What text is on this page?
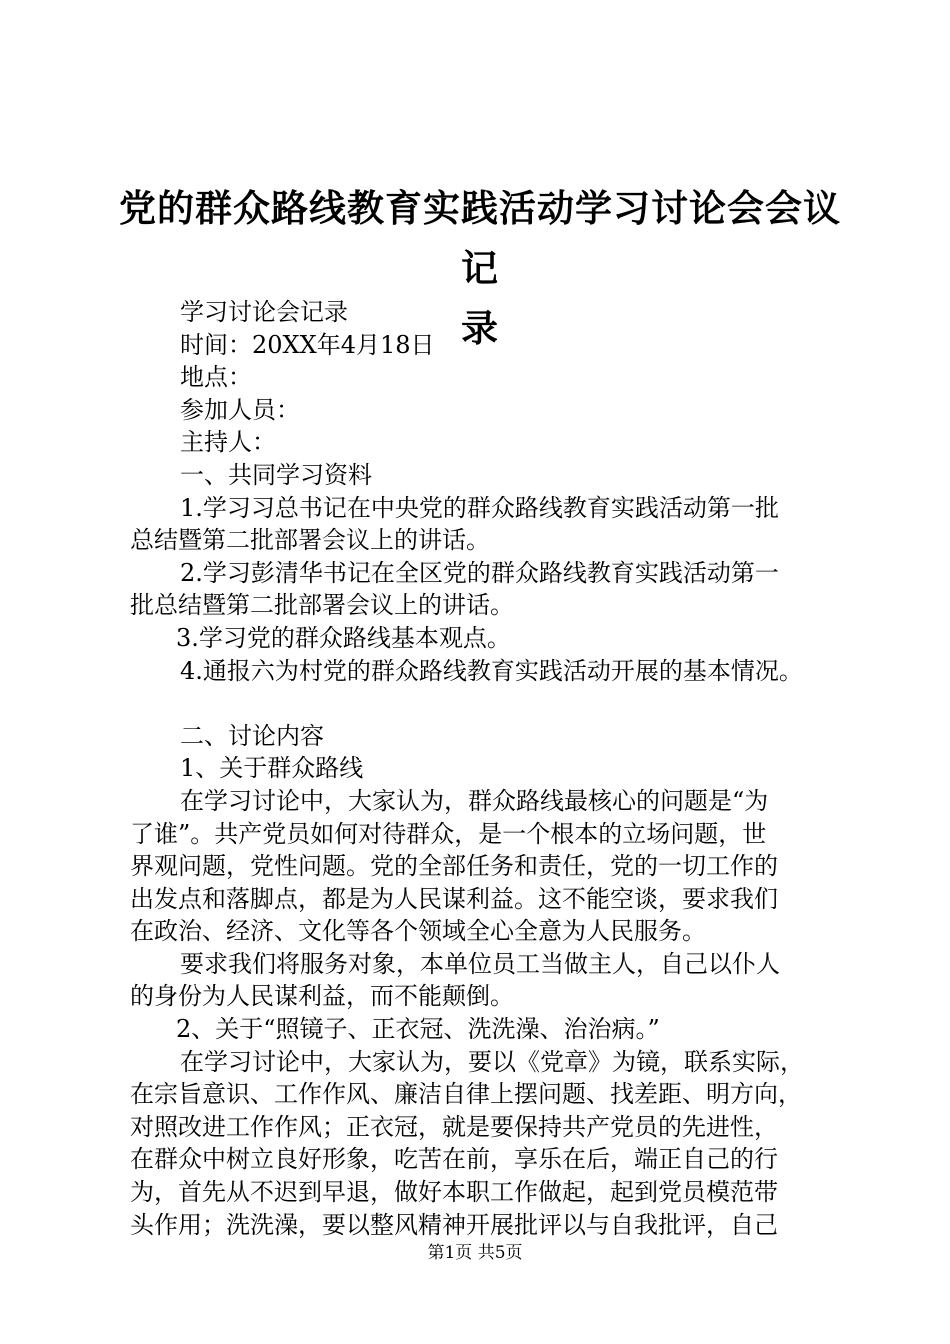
党的群众路线教育实践活动学习讨论会会议记
录

学习讨论会记录

时间：20XX年4月18日

地点：

参加人员：

主持人：

一、共同学习资料

1.学习习总书记在中央党的群众路线教育实践活动第一批

总结暨第二批部署会议上的讲话。

2.学习彭清华书记在全区党的群众路线教育实践活动第一

批总结暨第二批部署会议上的讲话。

3.学习党的群众路线基本观点。

4.通报六为村党的群众路线教育实践活动开展的基本情况。

二、讨论内容

1、关于群众路线

在学习讨论中，大家认为，群众路线最核心的问题是“为

了谁”。共产党员如何对待群众，是一个根本的立场问题，世

界观问题，党性问题。党的全部任务和责任，党的一切工作的

出发点和落脚点，都是为人民谋利益。这不能空谈，要求我们

在政治、经济、文化等各个领域全心全意为人民服务。

要求我们将服务对象，本单位员工当做主人，自己以仆人

的身份为人民谋利益，而不能颠倒。

2、关于“照镜子、正衣冠、洗洗澡、治治病。”

在学习讨论中，大家认为，要以《党章》为镜，联系实际，

在宗旨意识、工作作风、廉洁自律上摆问题、找差距、明方向，

对照改进工作作风；正衣冠，就是要保持共产党员的先进性，

在群众中树立良好形象，吃苦在前，享乐在后，端正自己的行

为，首先从不迟到早退，做好本职工作做起，起到党员模范带

头作用；洗洗澡，要以整风精神开展批评以与自我批评，自己

第1页 共5页
